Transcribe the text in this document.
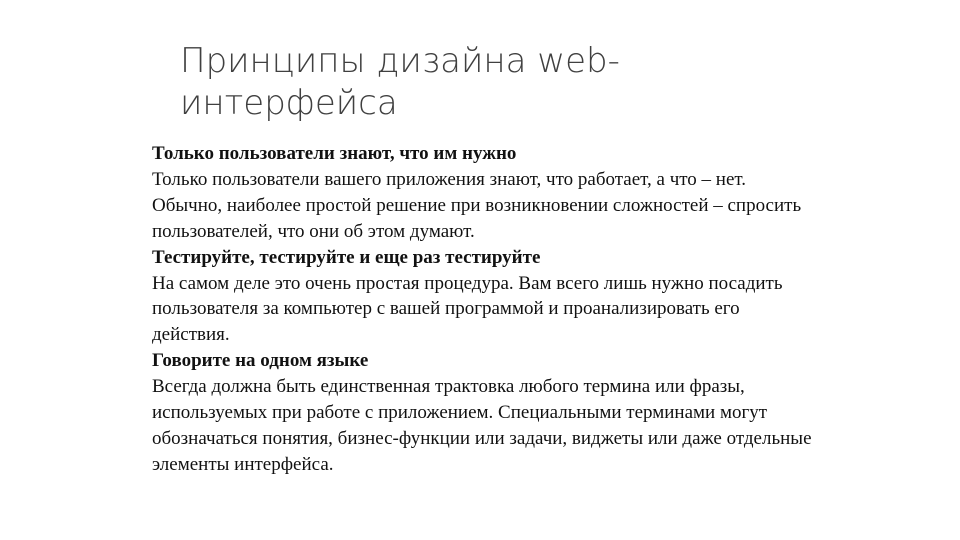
Принципы дизайна web-интерфейса

Только пользователи знают, что им нужно

Только пользователи вашего приложения знают, что работает, а что – нет. Обычно, наиболее простой решение при возникновении сложностей – спросить пользователей, что они об этом думают.

Тестируйте, тестируйте и еще раз тестируйте

На самом деле это очень простая процедура. Вам всего лишь нужно посадить пользователя за компьютер с вашей программой и проанализировать его действия.

Говорите на одном языке

Всегда должна быть единственная трактовка любого термина или фразы, используемых при работе с приложением. Специальными терминами могут обозначаться понятия, бизнес-функции или задачи, виджеты или даже отдельные элементы интерфейса.
